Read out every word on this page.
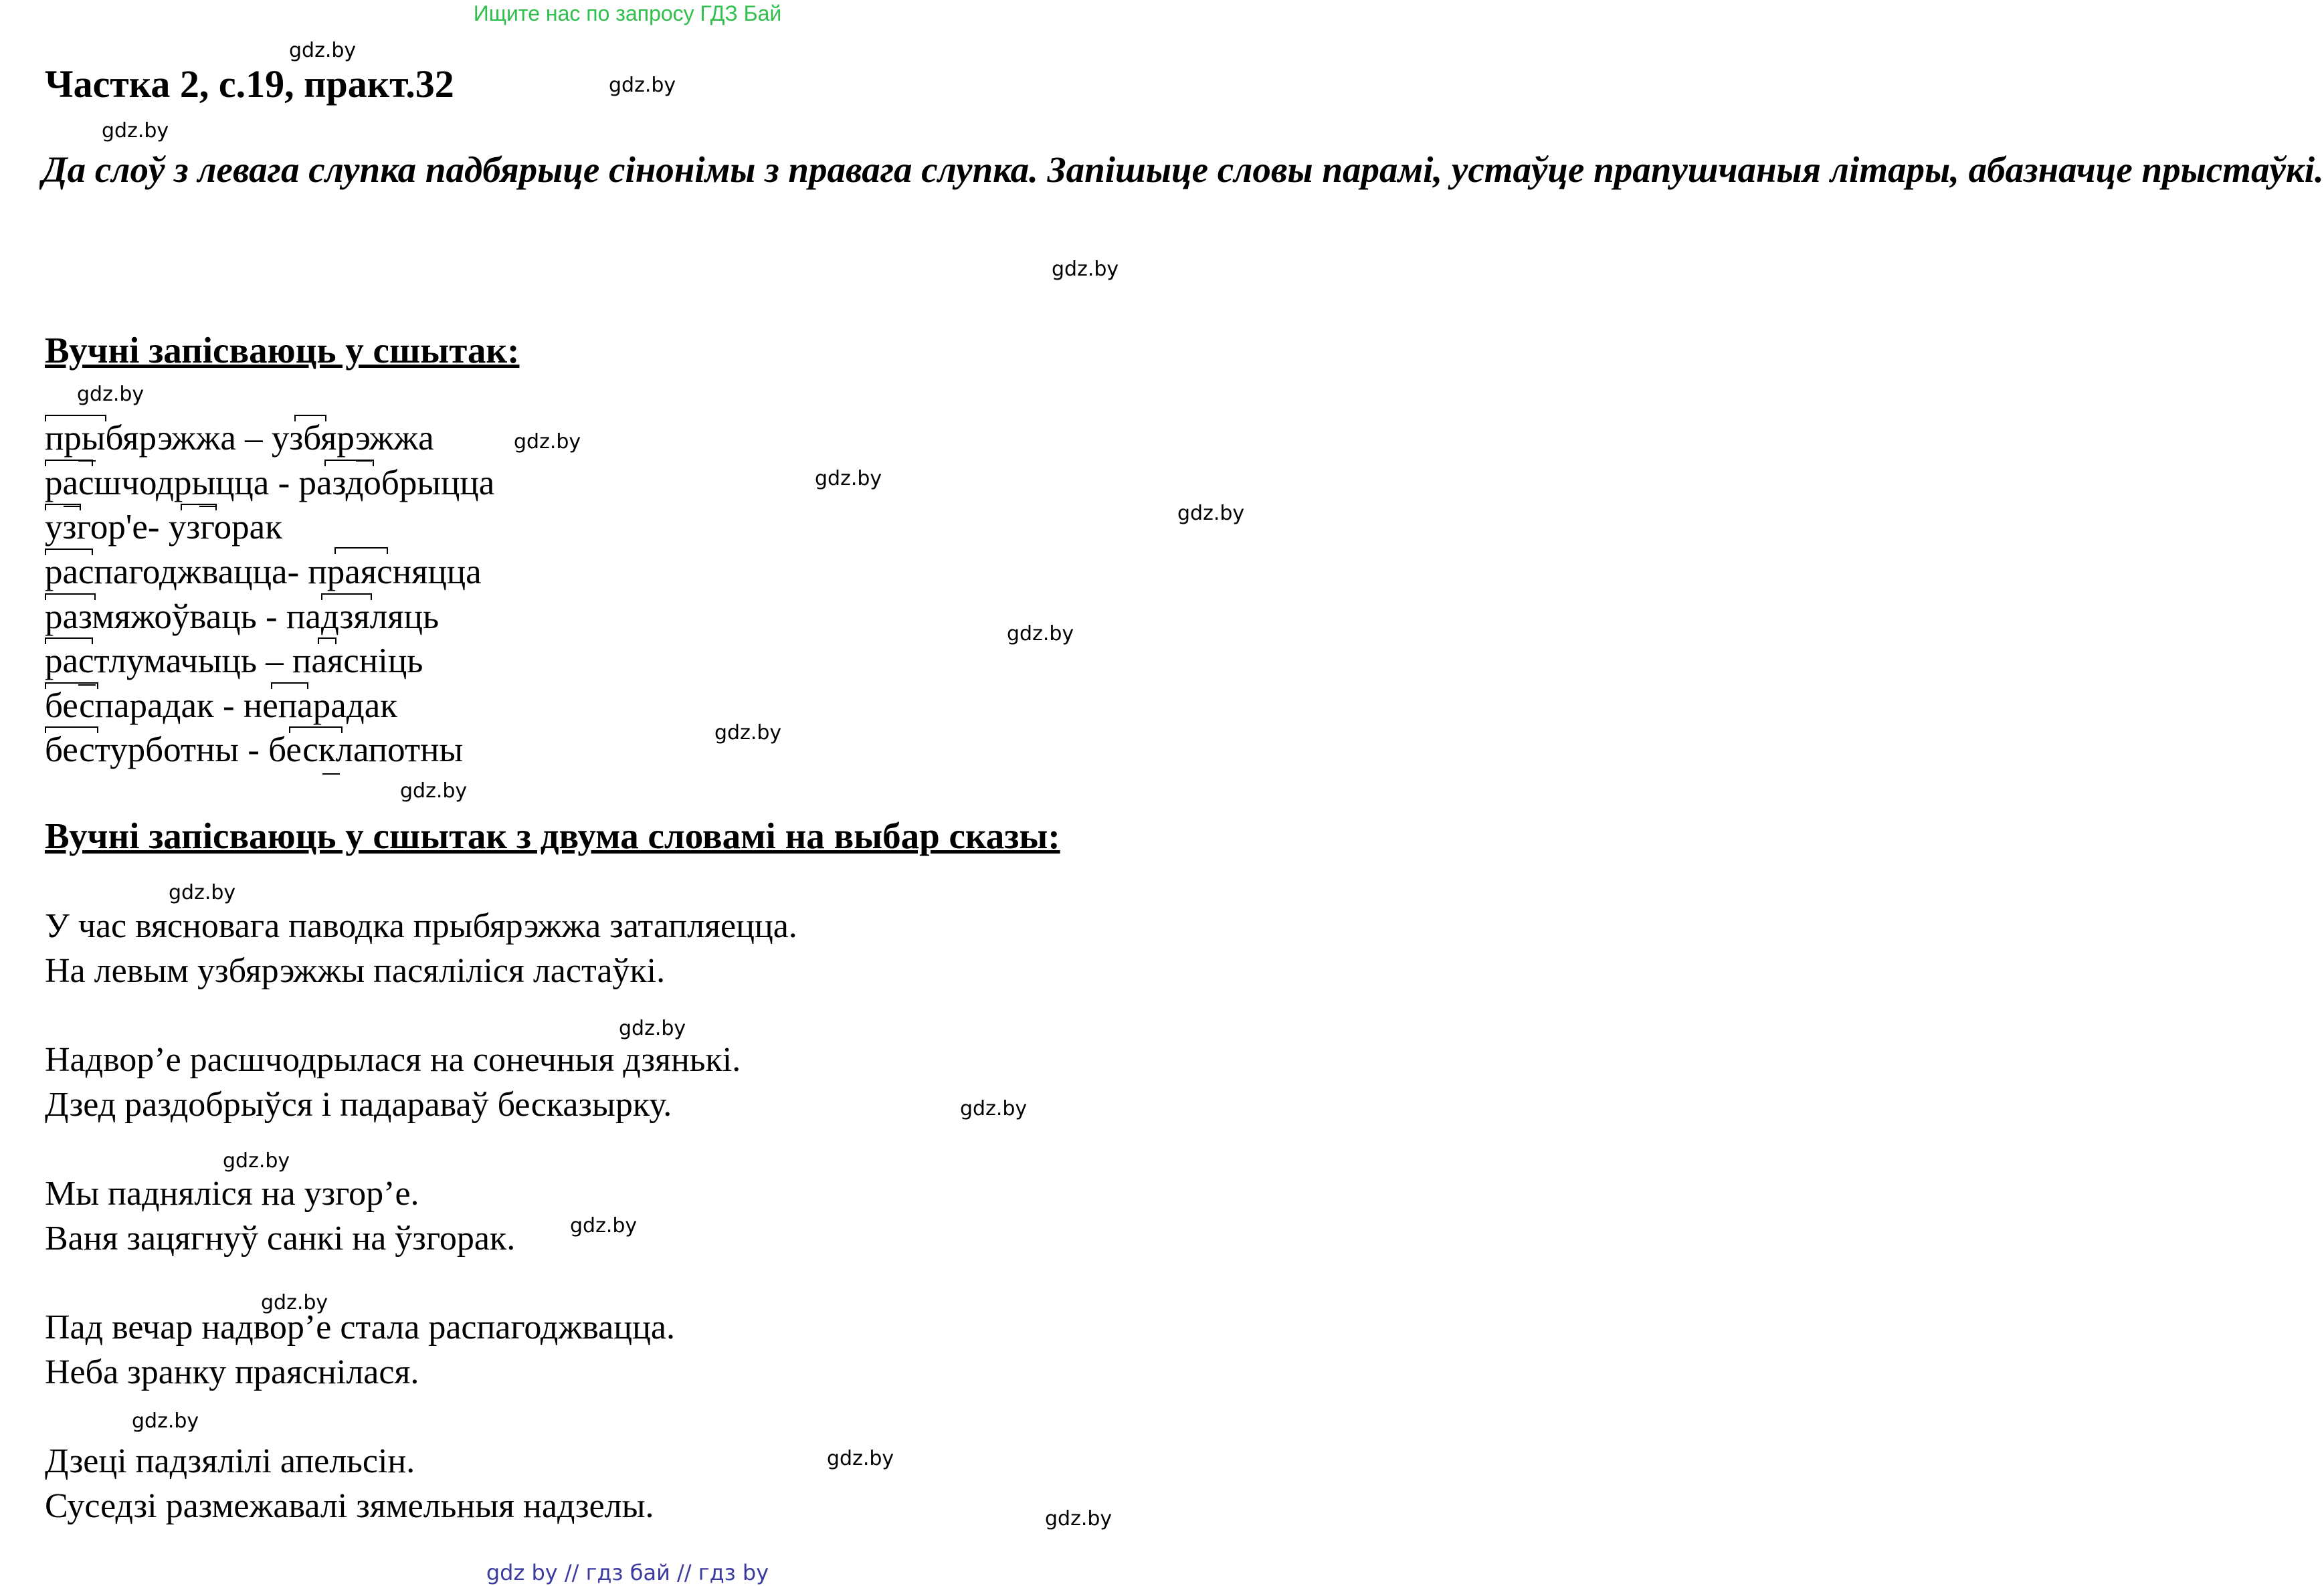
Ищите нас по запросу ГДЗ Бай
gdz.by
gdz.by
gdz.by
gdz.by
gdz.by
gdz.by
gdz.by
gdz.by
gdz.by
gdz.by
gdz.by
gdz.by
gdz.by
gdz.by
gdz.by
gdz.by
gdz.by
gdz.by
gdz.by
gdz.by
Частка 2, с.19, практ.32
Да слоў з левага слупка падбярыце сінонімы з правага слупка. Запішыце словы парамі, устаўце прапушчаныя літары, абазначце прыстаўкі.
Вучні запісваюць у сшытак:
прыбярэжжа – узбярэжжа
расшчодрыцца - раздобрыцца
узгор'е- узгорак
распагоджвацца- праясняцца
размяжоўваць - падзяляць
растлумачыць – паясніць
беспарадак - непарадак
бестурботны - бесклапотны
Вучні запісваюць у сшытак з двума словамі на выбар сказы:
У час вясновага паводка прыбярэжжа затапляецца.
На левым узбярэжжы пасяліліся ластаўкі.
Надвор’е расшчодрылася на сонечныя дзянькі.
Дзед раздобрыўся і падараваў бесказырку.
Мы падняліся на узгор’е.
Ваня зацягнуў санкі на ўзгорак.
Пад вечар надвор’е стала распагоджвацца.
Неба зранку праяснілася.
Дзеці падзялілі апельсін.
Суседзі размежавалі зямельныя надзелы.
gdz by // гдз бай // гдз by
